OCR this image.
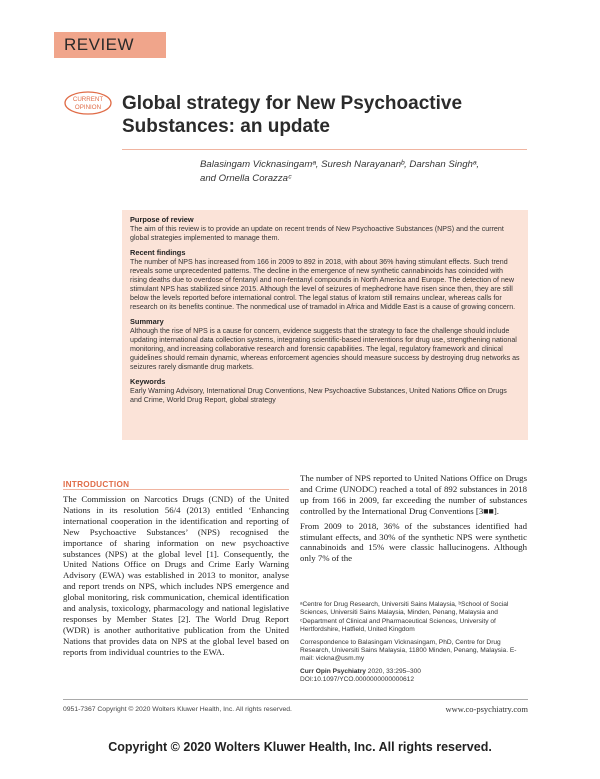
REVIEW
CURRENT
OPINION Global strategy for New Psychoactive Substances: an update
Balasingam Vicknasingamᵃ, Suresh Narayananᵇ, Darshan Singhᵃ,
and Ornella Corazzaᶜ
Purpose of review

The aim of this review is to provide an update on recent trends of New Psychoactive Substances (NPS) and the current global strategies implemented to manage them.

Recent findings

The number of NPS has increased from 166 in 2009 to 892 in 2018, with about 36% having stimulant effects. Such trend reveals some unprecedented patterns. The decline in the emergence of new synthetic cannabinoids has coincided with rising deaths due to overdose of fentanyl and non-fentanyl compounds in North America and Europe. The detection of new stimulant NPS has stabilized since 2015. Although the level of seizures of mephedrone have risen since then, they are still below the levels reported before international control. The legal status of kratom still remains unclear, whereas calls for research on its benefits continue. The nonmedical use of tramadol in Africa and Middle East is a cause of growing concern.

Summary

Although the rise of NPS is a cause for concern, evidence suggests that the strategy to face the challenge should include updating international data collection systems, integrating scientific-based interventions for drug use, strengthening national monitoring, and increasing collaborative research and forensic capabilities. The legal, regulatory framework and clinical guidelines should remain dynamic, whereas enforcement agencies should measure success by destroying drug networks as seizures rarely dismantle drug markets.

Keywords

Early Warning Advisory, International Drug Conventions, New Psychoactive Substances, United Nations Office on Drugs and Crime, World Drug Report, global strategy

INTRODUCTION

The Commission on Narcotics Drugs (CND) of the United Nations in its resolution 56/4 (2013) entitled ‘Enhancing international cooperation in the identification and reporting of New Psychoactive Substances’ (NPS) recognised the importance of sharing information on new psychoactive substances (NPS) at the global level [1]. Consequently, the United Nations Office on Drugs and Crime Early Warning Advisory (EWA) was established in 2013 to monitor, analyse and report trends on NPS, which includes NPS emergence and global monitoring, risk communication, chemical identification and analysis, toxicology, pharmacology and national legislative responses by Member States [2]. The World Drug Report (WDR) is another authoritative publication from the United Nations that provides data on NPS at the global level based on reports from individual countries to the EWA.

The number of NPS reported to United Nations Office on Drugs and Crime (UNODC) reached a total of 892 substances in 2018 up from 166 in 2009, far exceeding the number of substances controlled by the International Drug Conventions [3■■].

From 2009 to 2018, 36% of the substances identified had stimulant effects, and 30% of the synthetic NPS were synthetic cannabinoids and 15% were classic hallucinogens. Although only 7% of the

ᵃCentre for Drug Research, Universiti Sains Malaysia, ᵇSchool of Social Sciences, Universiti Sains Malaysia, Minden, Penang, Malaysia and ᶜDepartment of Clinical and Pharmaceutical Sciences, University of Hertfordshire, Hatfield, United Kingdom

Correspondence to Balasingam Vicknasingam, PhD, Centre for Drug Research, Universiti Sains Malaysia, 11800 Minden, Penang, Malaysia. E-mail: vickna@usm.my

Curr Opin Psychiatry 2020, 33:295–300
DOI:10.1097/YCO.0000000000000612
0951-7367 Copyright © 2020 Wolters Kluwer Health, Inc. All rights reserved.	www.co-psychiatry.com
Copyright © 2020 Wolters Kluwer Health, Inc. All rights reserved.
